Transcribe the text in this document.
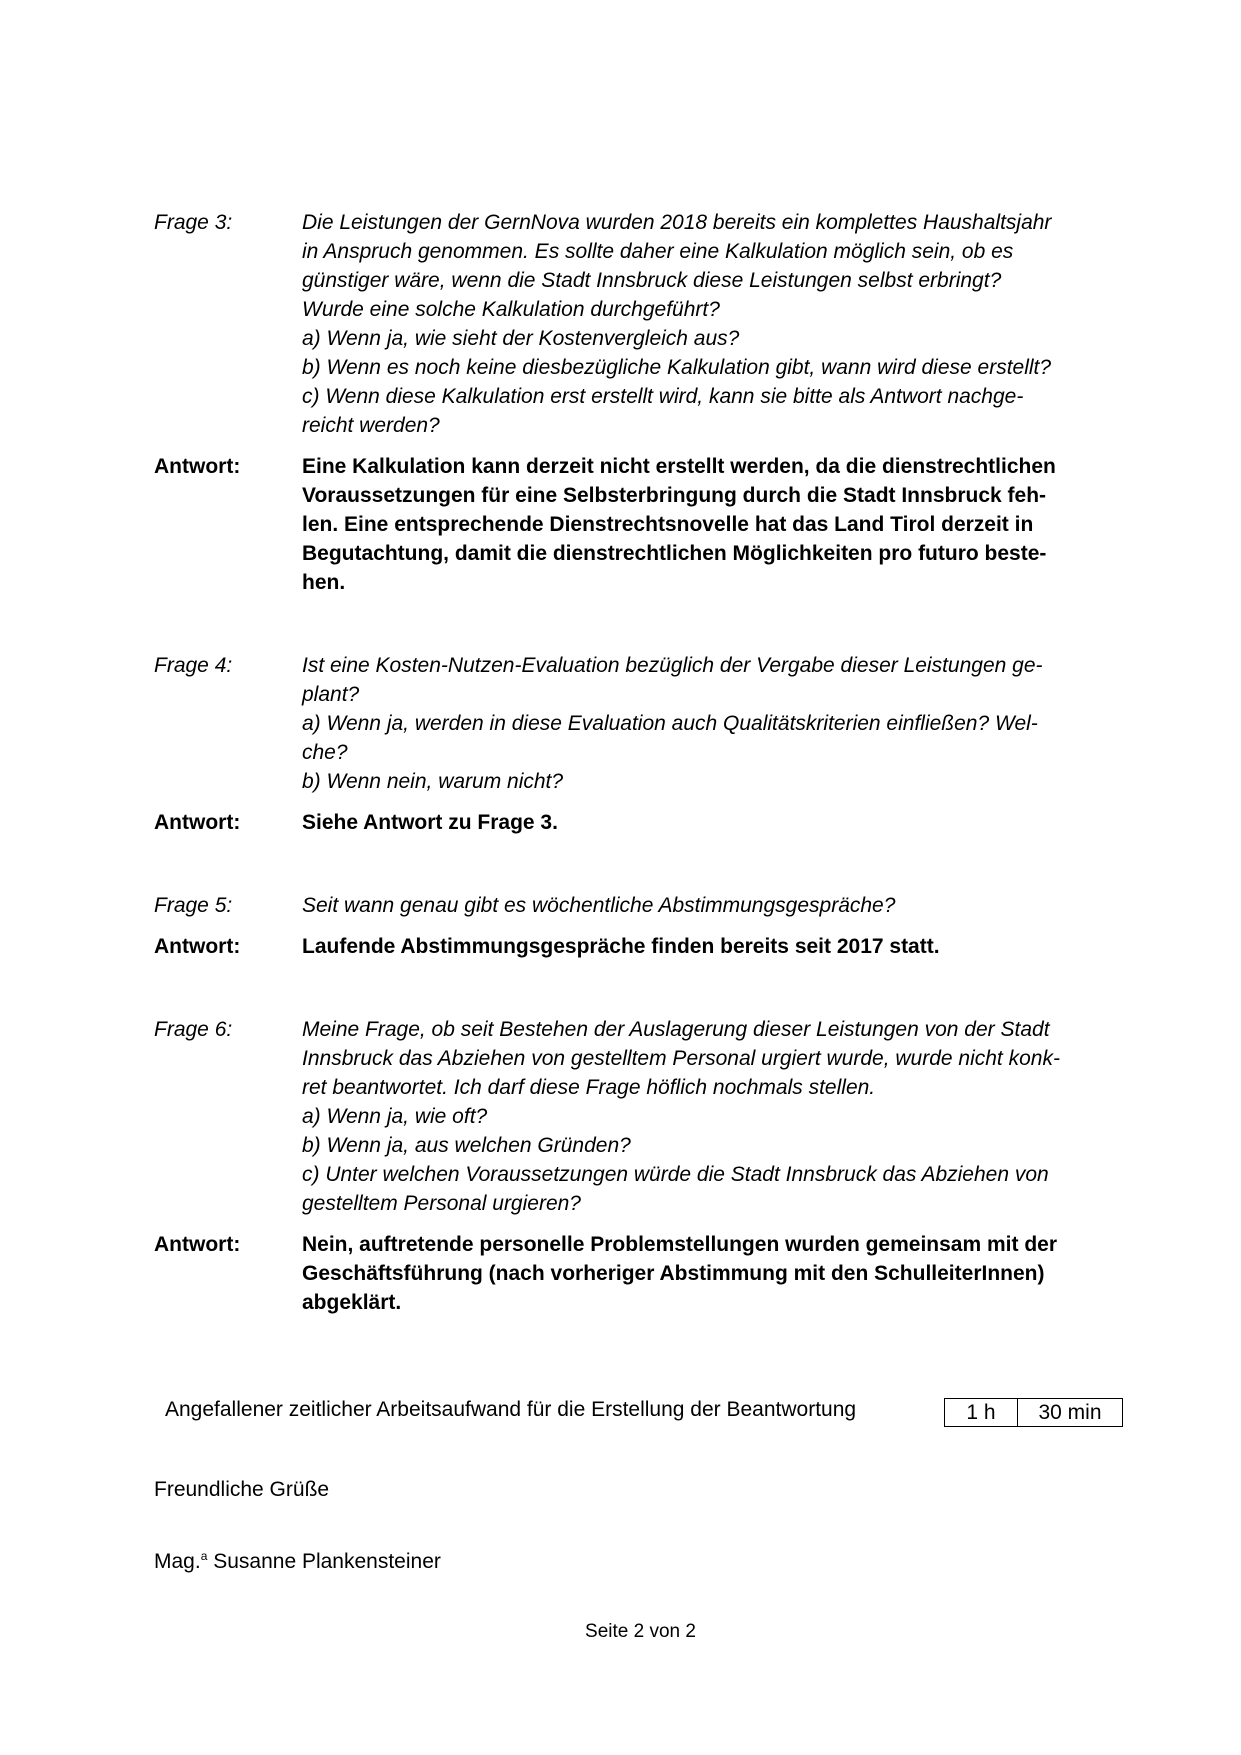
Frage 3:	Die Leistungen der GernNova wurden 2018 bereits ein komplettes Haushaltsjahr
in Anspruch genommen. Es sollte daher eine Kalkulation möglich sein, ob es
günstiger wäre, wenn die Stadt Innsbruck diese Leistungen selbst erbringt?
Wurde eine solche Kalkulation durchgeführt?
a) Wenn ja, wie sieht der Kostenvergleich aus?
b) Wenn es noch keine diesbezügliche Kalkulation gibt, wann wird diese erstellt?
c) Wenn diese Kalkulation erst erstellt wird, kann sie bitte als Antwort nachge-
reicht werden?
Antwort:	Eine Kalkulation kann derzeit nicht erstellt werden, da die dienstrechtlichen
Voraussetzungen für eine Selbsterbringung durch die Stadt Innsbruck feh-
len. Eine entsprechende Dienstrechtsnovelle hat das Land Tirol derzeit in
Begutachtung, damit die dienstrechtlichen Möglichkeiten pro futuro beste-
hen.
Frage 4:	Ist eine Kosten-Nutzen-Evaluation bezüglich der Vergabe dieser Leistungen ge-
plant?
a) Wenn ja, werden in diese Evaluation auch Qualitätskriterien einfließen? Wel-
che?
b) Wenn nein, warum nicht?
Antwort:	Siehe Antwort zu Frage 3.
Frage 5:	Seit wann genau gibt es wöchentliche Abstimmungsgespräche?
Antwort:	Laufende Abstimmungsgespräche finden bereits seit 2017 statt.
Frage 6:	Meine Frage, ob seit Bestehen der Auslagerung dieser Leistungen von der Stadt
Innsbruck das Abziehen von gestelltem Personal urgiert wurde, wurde nicht konk-
ret beantwortet. Ich darf diese Frage höflich nochmals stellen.
a) Wenn ja, wie oft?
b) Wenn ja, aus welchen Gründen?
c) Unter welchen Voraussetzungen würde die Stadt Innsbruck das Abziehen von
gestelltem Personal urgieren?
Antwort:	Nein, auftretende personelle Problemstellungen wurden gemeinsam mit der
Geschäftsführung (nach vorheriger Abstimmung mit den SchulleiterInnen)
abgeklärt.
Angefallener zeitlicher Arbeitsaufwand für die Erstellung der Beantwortung	1 h	30 min
Freundliche Grüße
Mag.$^a$ Susanne Plankensteiner
Seite 2 von 2
